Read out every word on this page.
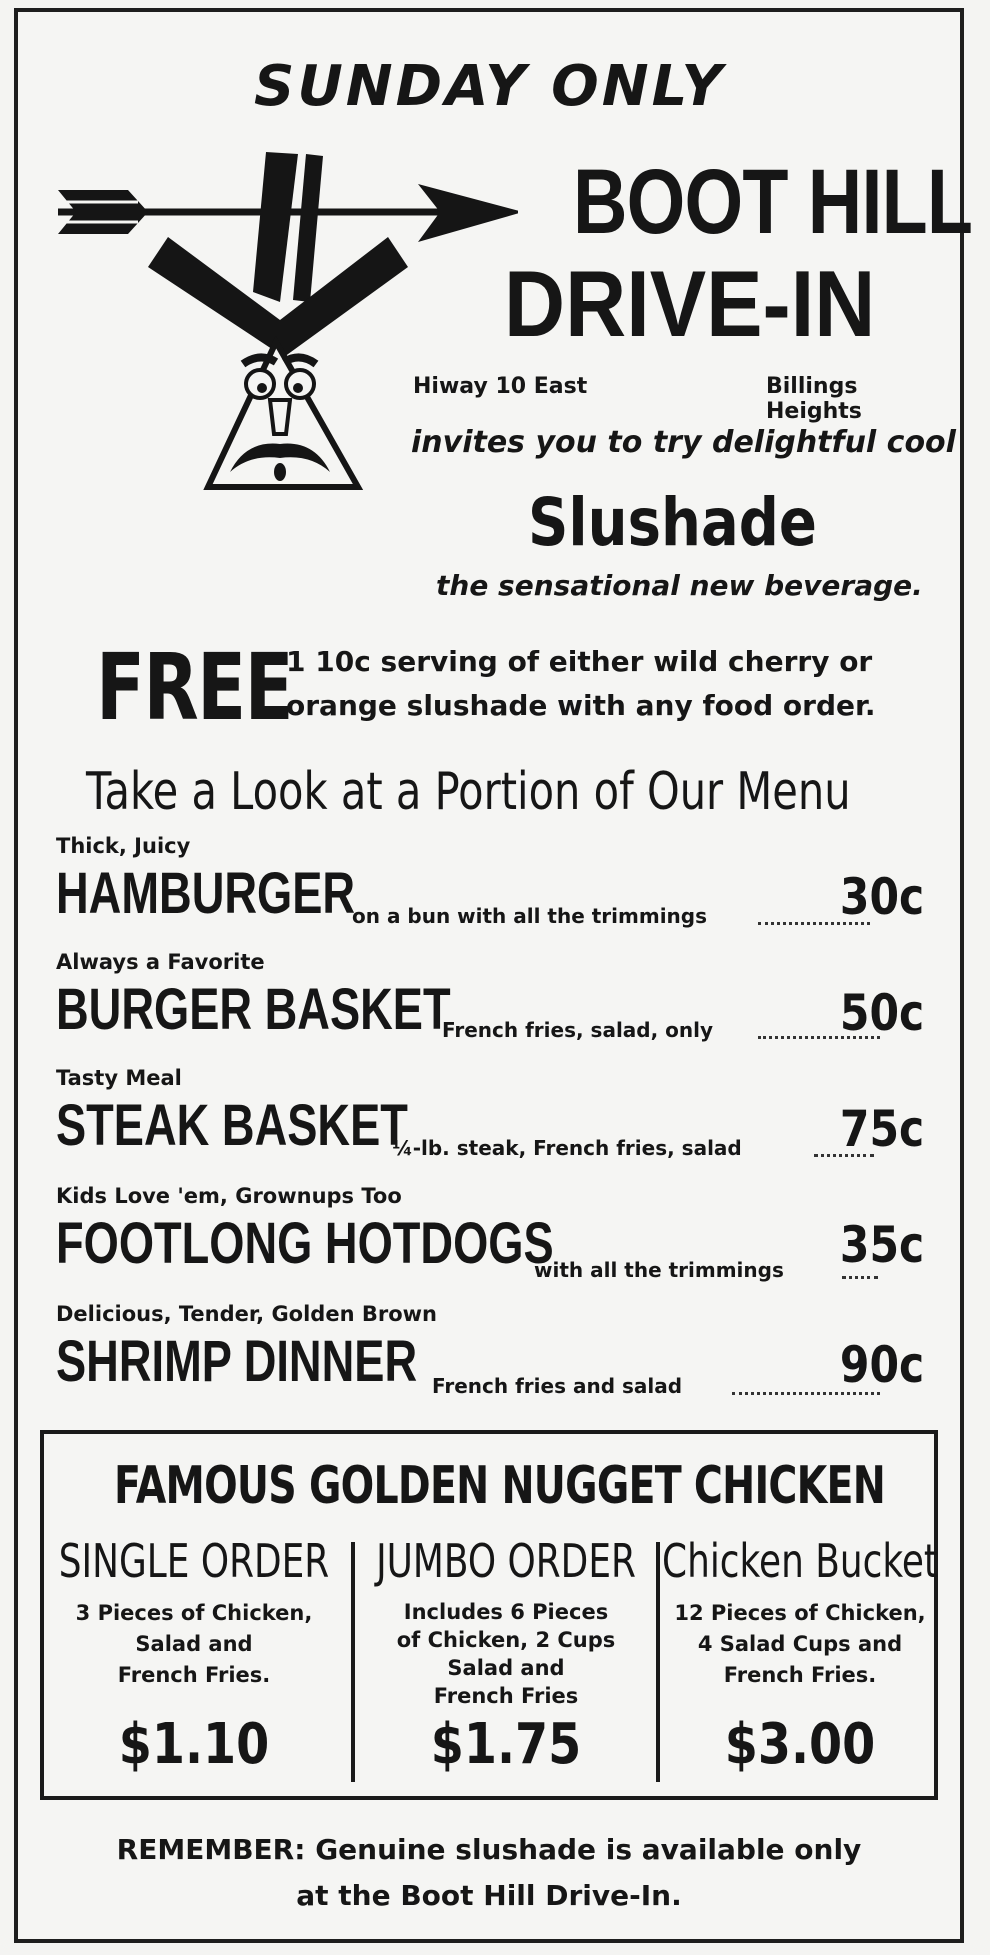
SUNDAY ONLY
BOOT HILL
DRIVE-IN
Hiway 10 East	Billings Heights
invites you to try delightful cool
Slushade
the sensational new beverage.
FREE
1 10c serving of either wild cherry or
orange slushade with any food order.
Take a Look at a Portion of Our Menu
Thick, Juicy
HAMBURGER
on a bun with all the trimmings	30c
Always a Favorite
BURGER BASKET
French fries, salad, only	50c
Tasty Meal
STEAK BASKET
¼-lb. steak, French fries, salad 75c
Kids Love 'em, Grownups Too
FOOTLONG HOTDOGS
with all the trimmings 35c
Delicious, Tender, Golden Brown
SHRIMP DINNER French fries and salad	90c
FAMOUS GOLDEN NUGGET CHICKEN
SINGLE ORDER
3 Pieces of Chicken,
Salad and
French Fries.
$1.10
JUMBO ORDER
Includes 6 Pieces
of Chicken, 2 Cups
Salad and
French Fries
$1.75
Chicken Bucket
12 Pieces of Chicken,
4 Salad Cups and
French Fries.
$3.00
REMEMBER: Genuine slushade is available only
at the Boot Hill Drive-In.
